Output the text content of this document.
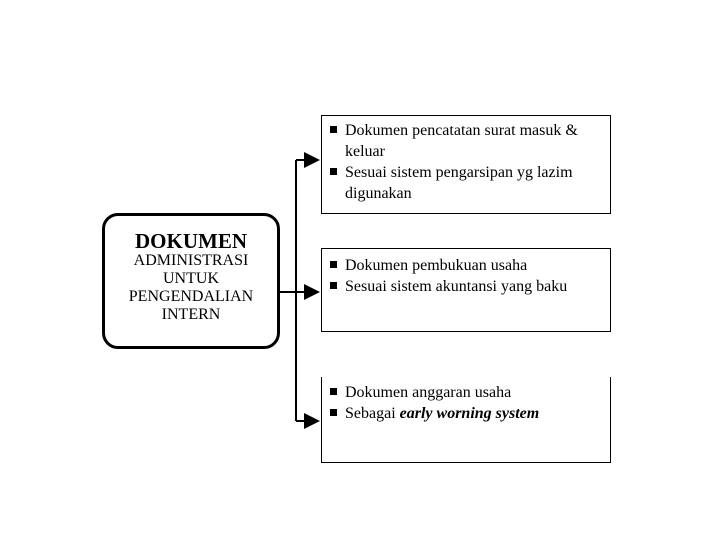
DOKUMEN
ADMINISTRASI
UNTUK
PENGENDALIAN
INTERN
Dokumen pencatatan surat masuk & keluar
Sesuai sistem pengarsipan yg lazim digunakan
Dokumen pembukuan usaha
Sesuai sistem akuntansi yang baku
Dokumen anggaran usaha
Sebagai early worning system
